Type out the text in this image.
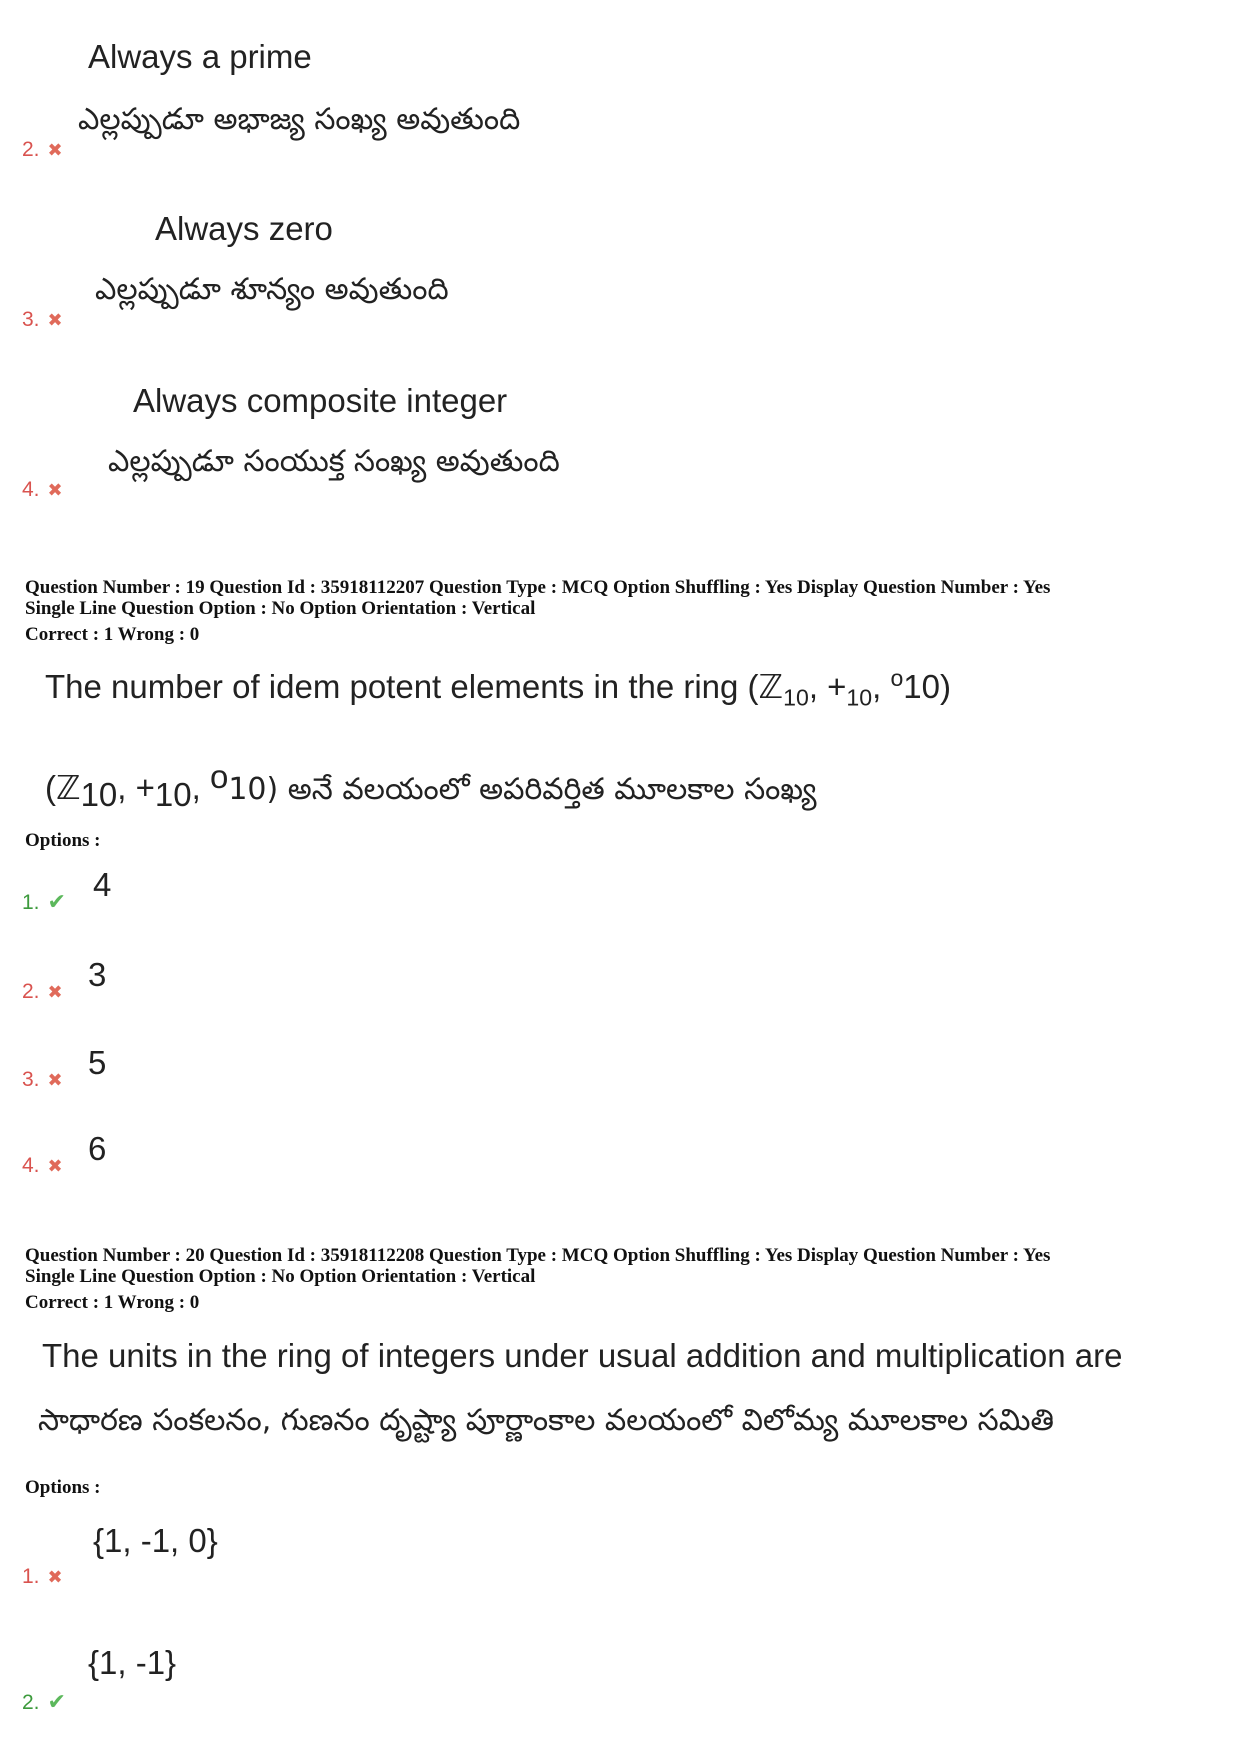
Always a prime
2. ✖
ఎల్లప్పుడూ అభాజ్య సంఖ్య అవుతుంది
Always zero
3. ✖
ఎల్లప్పుడూ శూన్యం అవుతుంది
Always composite integer
4. ✖
ఎల్లప్పుడూ సంయుక్త సంఖ్య అవుతుంది
Question Number : 19 Question Id : 35918112207 Question Type : MCQ Option Shuffling : Yes Display Question Number : Yes
Single Line Question Option : No Option Orientation : Vertical
Correct : 1 Wrong : 0
The number of idem potent elements in the ring (ℤ$_{10}$, $+_{10}$, $^o$10)
(ℤ$_{10}$, $+_{10}$, $^o$10) అనే వలయంలో అపరివర్తిత మూలకాల సంఖ్య
Options :
1. ✔ 4
2. ✖ 3
3. ✖ 5
4. ✖ 6
Question Number : 20 Question Id : 35918112208 Question Type : MCQ Option Shuffling : Yes Display Question Number : Yes
Single Line Question Option : No Option Orientation : Vertical
Correct : 1 Wrong : 0
The units in the ring of integers under usual addition and multiplication are
సాధారణ సంకలనం, గుణనం దృష్ట్యా పూర్ణాంకాల వలయంలో విలోమ్య మూలకాల సమితి
Options :
1. ✖
{1, -1, 0}
2. ✔
{1, -1}
